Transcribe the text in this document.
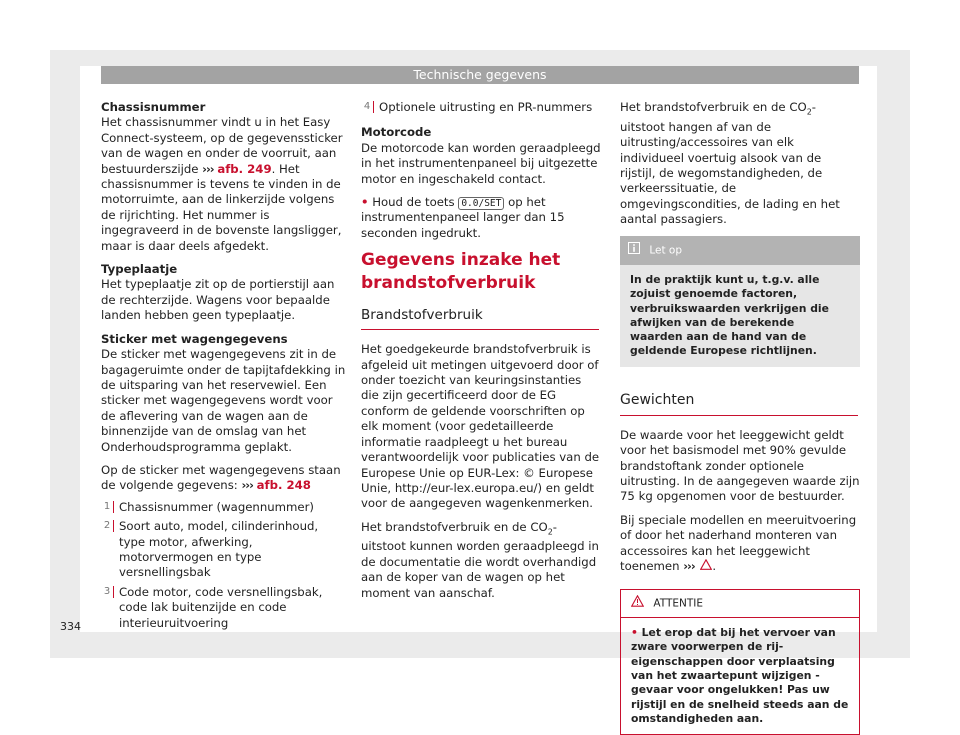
Technische gegevens

Chassisnummer
Het chassisnummer vindt u in het Easy Connect-systeem, op de gegevenssticker van de wagen en onder de voorruit, aan bestuurderszijde ››› afb. 249. Het chassisnummer is tevens te vinden in de motorruimte, aan de linkerzijde volgens de rijrichting. Het nummer is ingegraveerd in de bovenste langsligger, maar is daar deels afgedekt.

Typeplaatje
Het typeplaatje zit op de portierstijl aan de rechterzijde. Wagens voor bepaalde landen hebben geen typeplaatje.

Sticker met wagengegevens
De sticker met wagengegevens zit in de bagageruimte onder de tapijtafdekking in de uitsparing van het reservewiel. Een sticker met wagengegevens wordt voor de aflevering van de wagen aan de binnenzijde van de omslag van het Onderhoudsprogramma geplakt.

Op de sticker met wagengegevens staan de volgende gegevens: ››› afb. 248

1 Chassisnummer (wagennummer)
2 Soort auto, model, cilinderinhoud, type motor, afwerking, motorvermogen en type versnellingsbak
3 Code motor, code versnellingsbak, code lak buitenzijde en code interieuruitvoering
4 Optionele uitrusting en PR-nummers

Motorcode
De motorcode kan worden geraadpleegd in het instrumentenpaneel bij uitgezette motor en ingeschakeld contact.

• Houd de toets 0.0/SET op het instrumentenpaneel langer dan 15 seconden ingedrukt.

Gegevens inzake het brandstofverbruik
Brandstofverbruik

Het goedgekeurde brandstofverbruik is afgeleid uit metingen uitgevoerd door of onder toezicht van keuringsinstanties die zijn gecertificeerd door de EG conform de geldende voorschriften op elk moment (voor gedetailleerde informatie raadpleegt u het bureau verantwoordelijk voor publicaties van de Europese Unie op EUR-Lex: © Europese Unie, http://eur-lex.europa.eu/) en geldt voor de aangegeven wagenkenmerken.

Het brandstofverbruik en de $CO_2$-uitstoot kunnen worden geraadpleegd in de documentatie die wordt overhandigd aan de koper van de wagen op het moment van aanschaf.

Het brandstofverbruik en de $CO_2$-uitstoot hangen af van de uitrusting/accessoires van elk individueel voertuig alsook van de rijstijl, de wegomstandigheden, de verkeerssituatie, de omgevingscondities, de lading en het aantal passagiers.

Let op
In de praktijk kunt u, t.g.v. alle zojuist genoemde factoren, verbruikswaarden verkrijgen die afwijken van de berekende waarden aan de hand van de geldende Europese richtlijnen.
Gewichten

De waarde voor het leeggewicht geldt voor het basismodel met 90% gevulde brandstoftank zonder optionele uitrusting. In de aangegeven waarde zijn 75 kg opgenomen voor de bestuurder.

Bij speciale modellen en meeruitvoering of door het naderhand monteren van accessoires kan het leeggewicht toenemen ››› .

ATTENTIE
• Let erop dat bij het vervoer van zware voorwerpen de rij-eigenschappen door verplaatsing van het zwaartepunt wijzigen - gevaar voor ongelukken! Pas uw rijstijl en de snelheid steeds aan de omstandigheden aan.
334
